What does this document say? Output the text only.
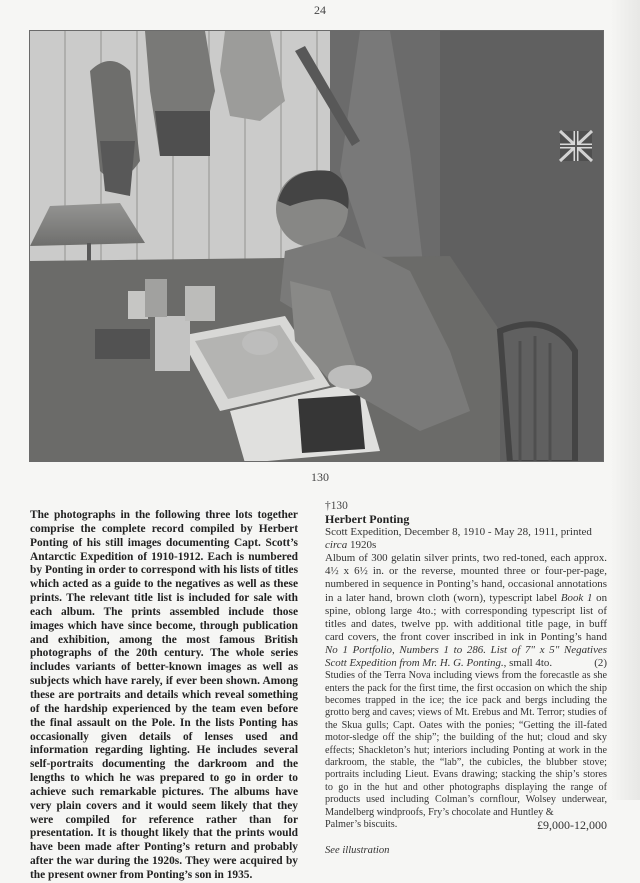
24
130
The photographs in the following three lots together comprise the complete record compiled by Herbert Ponting of his still images documenting Capt. Scott’s Antarctic Expedition of 1910-1912. Each is numbered by Ponting in order to correspond with his lists of titles which acted as a guide to the negatives as well as these prints. The relevant title list is included for sale with each album. The prints assembled include those images which have since become, through publication and exhibition, among the most famous British photographs of the 20th century. The whole series includes variants of better-known images as well as subjects which have rarely, if ever been shown. Among these are portraits and details which reveal something of the hardship experienced by the team even before the final assault on the Pole. In the lists Ponting has occasionally given details of lenses used and information regarding lighting. He includes several self-portraits documenting the darkroom and the lengths to which he was prepared to go in order to achieve such remarkable pictures. The albums have very plain covers and it would seem likely that they were compiled for reference rather than for presentation. It is thought likely that the prints would have been made after Ponting’s return and probably after the war during the 1920s. They were acquired by the present owner from Ponting’s son in 1935.
†130
Herbert Ponting
Scott Expedition, December 8, 1910 - May 28, 1911, printed circa 1920s
Album of 300 gelatin silver prints, two red-toned, each approx. 4½ x 6½ in. or the reverse, mounted three or four-per-page, numbered in sequence in Ponting’s hand, occasional annotations in a later hand, brown cloth (worn), typescript label Book 1 on spine, oblong large 4to.; with corresponding typescript list of titles and dates, twelve pp. with additional title page, in buff card covers, the front cover inscribed in ink in Ponting’s hand No 1 Portfolio, Numbers 1 to 286. List of 7" x 5" Negatives Scott Expedition from Mr. H. G. Ponting., small 4to.	(2)
Studies of the Terra Nova including views from the forecastle as she enters the pack for the first time, the first occasion on which the ship becomes trapped in the ice; the ice pack and bergs including the grotto berg and caves; views of Mt. Erebus and Mt. Terror; studies of the Skua gulls; Capt. Oates with the ponies; “Getting the ill-fated motor-sledge off the ship”; the building of the hut; cloud and sky effects; Shackleton’s hut; interiors including Ponting at work in the darkroom, the stable, the “lab”, the cubicles, the blubber stove; portraits including Lieut. Evans drawing; stacking the ship’s stores to go in the hut and other photographs displaying the range of products used including Colman’s cornflour, Wolsey underwear, Mandelberg windproofs, Fry’s chocolate and Huntley &
Palmer’s biscuits.	£9,000-12,000
See illustration
